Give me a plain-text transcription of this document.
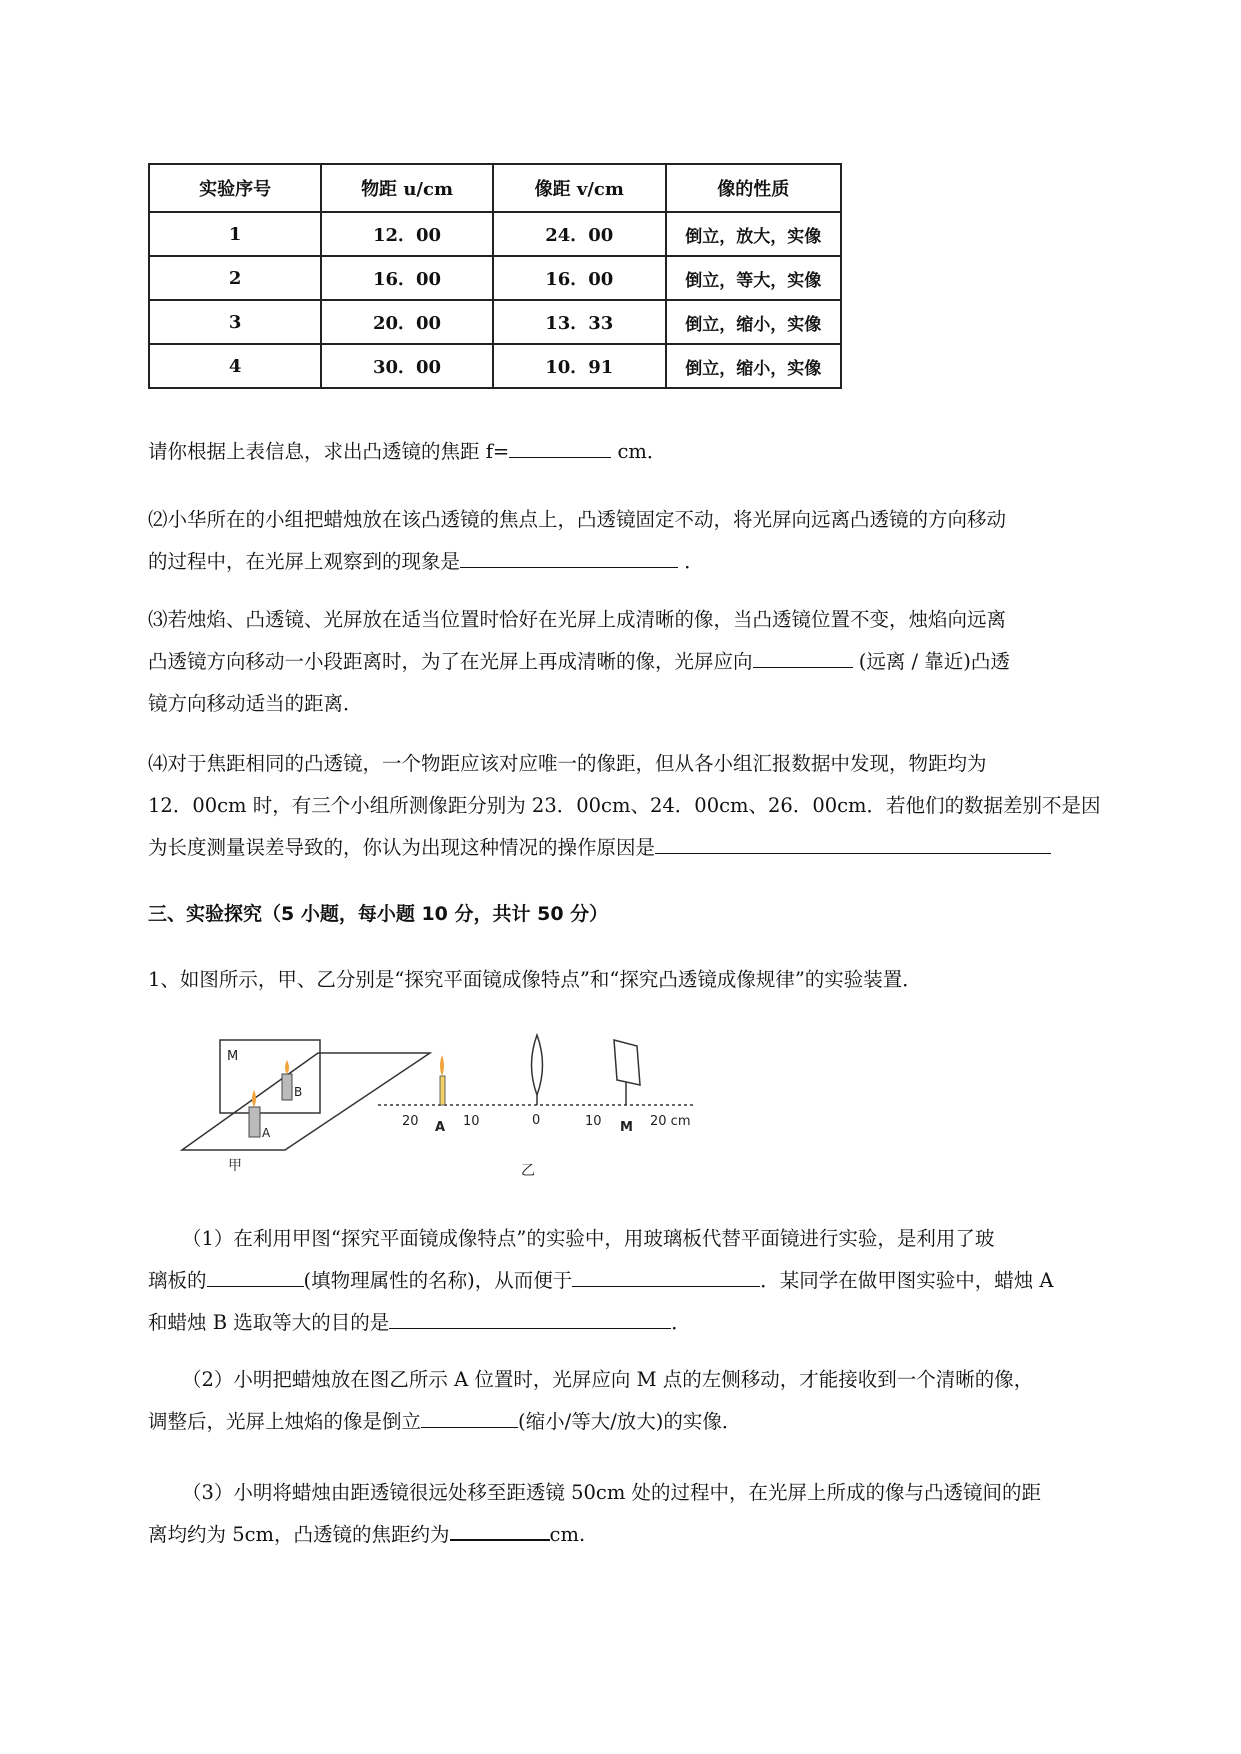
实验序号	物距 u/cm	像距 v/cm	像的性质
1	12．00	24．00	倒立，放大，实像
2	16．00	16．00	倒立，等大，实像
3	20．00	13．33	倒立，缩小，实像
4	30．00	10．91	倒立，缩小，实像
请你根据上表信息，求出凸透镜的焦距 f=	cm．
⑵小华所在的小组把蜡烛放在该凸透镜的焦点上，凸透镜固定不动，将光屏向远离凸透镜的方向移动
的过程中，在光屏上观察到的现象是	．
⑶若烛焰、凸透镜、光屏放在适当位置时恰好在光屏上成清晰的像，当凸透镜位置不变，烛焰向远离
凸透镜方向移动一小段距离时，为了在光屏上再成清晰的像，光屏应向	(远离 / 靠近)凸透
镜方向移动适当的距离．
⑷对于焦距相同的凸透镜，一个物距应该对应唯一的像距，但从各小组汇报数据中发现，物距均为
12．00cm 时，有三个小组所测像距分别为 23．00cm、24．00cm、26．00cm．若他们的数据差别不是因
为长度测量误差导致的，你认为出现这种情况的操作原因是
三、实验探究（5 小题，每小题 10 分，共计 50 分）
1、如图所示，甲、乙分别是“探究平面镜成像特点”和“探究凸透镜成像规律”的实验装置．
M
B
A
甲
20 A 10	0	10 M 20 cm
乙
（1）在利用甲图“探究平面镜成像特点”的实验中，用玻璃板代替平面镜进行实验，是利用了玻
璃板的	(填物理属性的名称)，从而便于	．某同学在做甲图实验中，蜡烛 A
和蜡烛 B 选取等大的目的是	．
（2）小明把蜡烛放在图乙所示 A 位置时，光屏应向 M 点的左侧移动，才能接收到一个清晰的像，
调整后，光屏上烛焰的像是倒立	(缩小/等大/放大)的实像．
（3）小明将蜡烛由距透镜很远处移至距透镜 50cm 处的过程中，在光屏上所成的像与凸透镜间的距
离均约为 5cm，凸透镜的焦距约为	cm.
